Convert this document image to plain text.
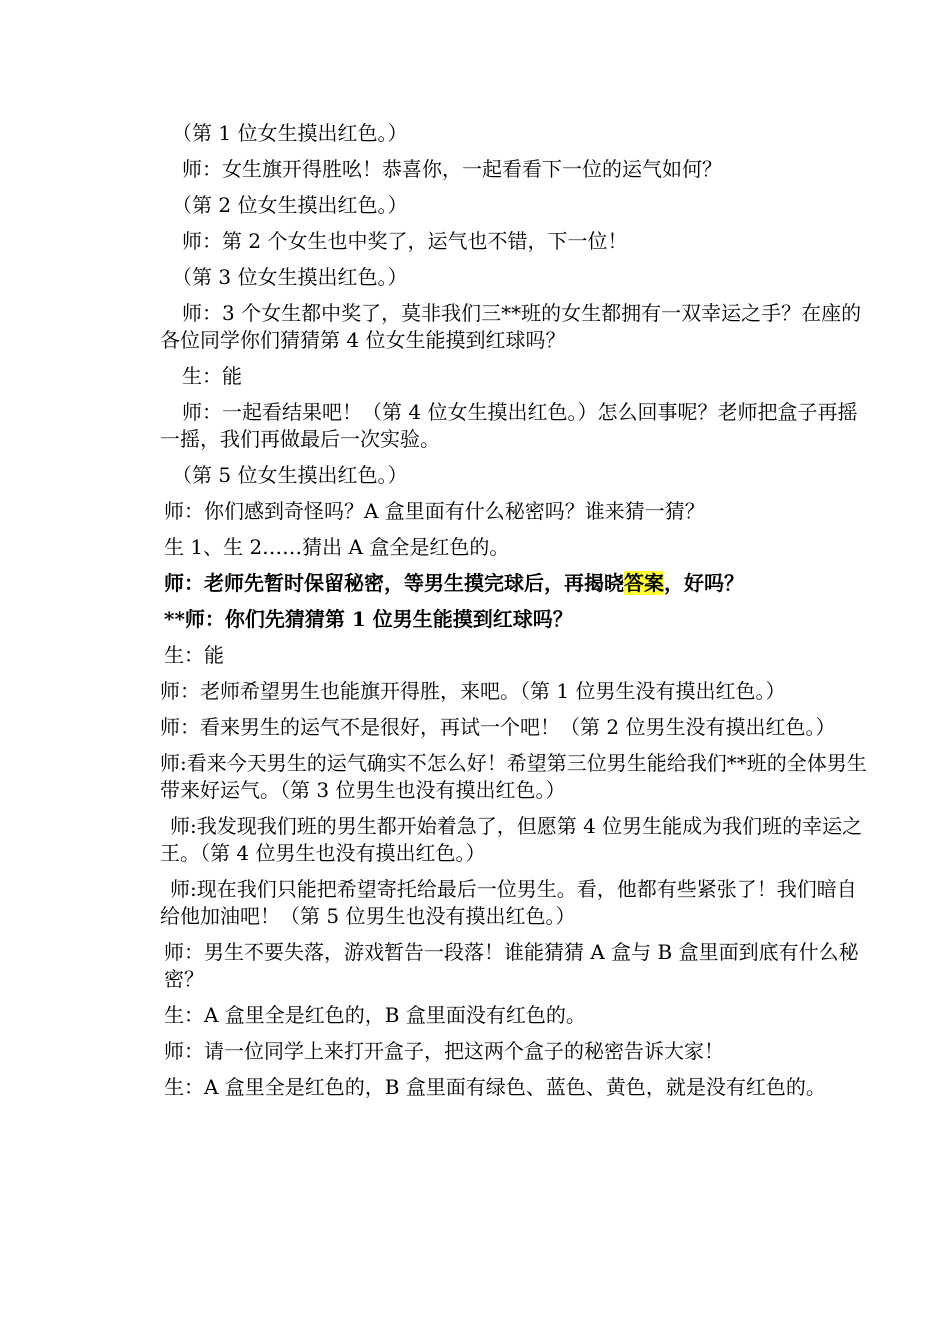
（第 1 位女生摸出红色。）

师：女生旗开得胜吆！恭喜你，一起看看下一位的运气如何？

（第 2 位女生摸出红色。）

师：第 2 个女生也中奖了，运气也不错，下一位！

（第 3 位女生摸出红色。）

师：3 个女生都中奖了，莫非我们三**班的女生都拥有一双幸运之手？在座的各位同学你们猜猜第 4 位女生能摸到红球吗？

生：能

师：一起看结果吧！（第 4 位女生摸出红色。）怎么回事呢？老师把盒子再摇一摇，我们再做最后一次实验。

（第 5 位女生摸出红色。）

师：你们感到奇怪吗？A 盒里面有什么秘密吗？谁来猜一猜？

生 1、生 2……猜出 A 盒全是红色的。

师：老师先暂时保留秘密，等男生摸完球后，再揭晓答案，好吗？

**师：你们先猜猜第 1 位男生能摸到红球吗？

生：能

师：老师希望男生也能旗开得胜，来吧。（第 1 位男生没有摸出红色。）

师：看来男生的运气不是很好，再试一个吧！（第 2 位男生没有摸出红色。）

师:看来今天男生的运气确实不怎么好！希望第三位男生能给我们**班的全体男生带来好运气。（第 3 位男生也没有摸出红色。）

师:我发现我们班的男生都开始着急了，但愿第 4 位男生能成为我们班的幸运之王。（第 4 位男生也没有摸出红色。）

师:现在我们只能把希望寄托给最后一位男生。看，他都有些紧张了！我们暗自给他加油吧！（第 5 位男生也没有摸出红色。）

师：男生不要失落，游戏暂告一段落！谁能猜猜 A 盒与 B 盒里面到底有什么秘密？

生：A 盒里全是红色的，B 盒里面没有红色的。

师：请一位同学上来打开盒子，把这两个盒子的秘密告诉大家！

生：A 盒里全是红色的，B 盒里面有绿色、蓝色、黄色，就是没有红色的。
